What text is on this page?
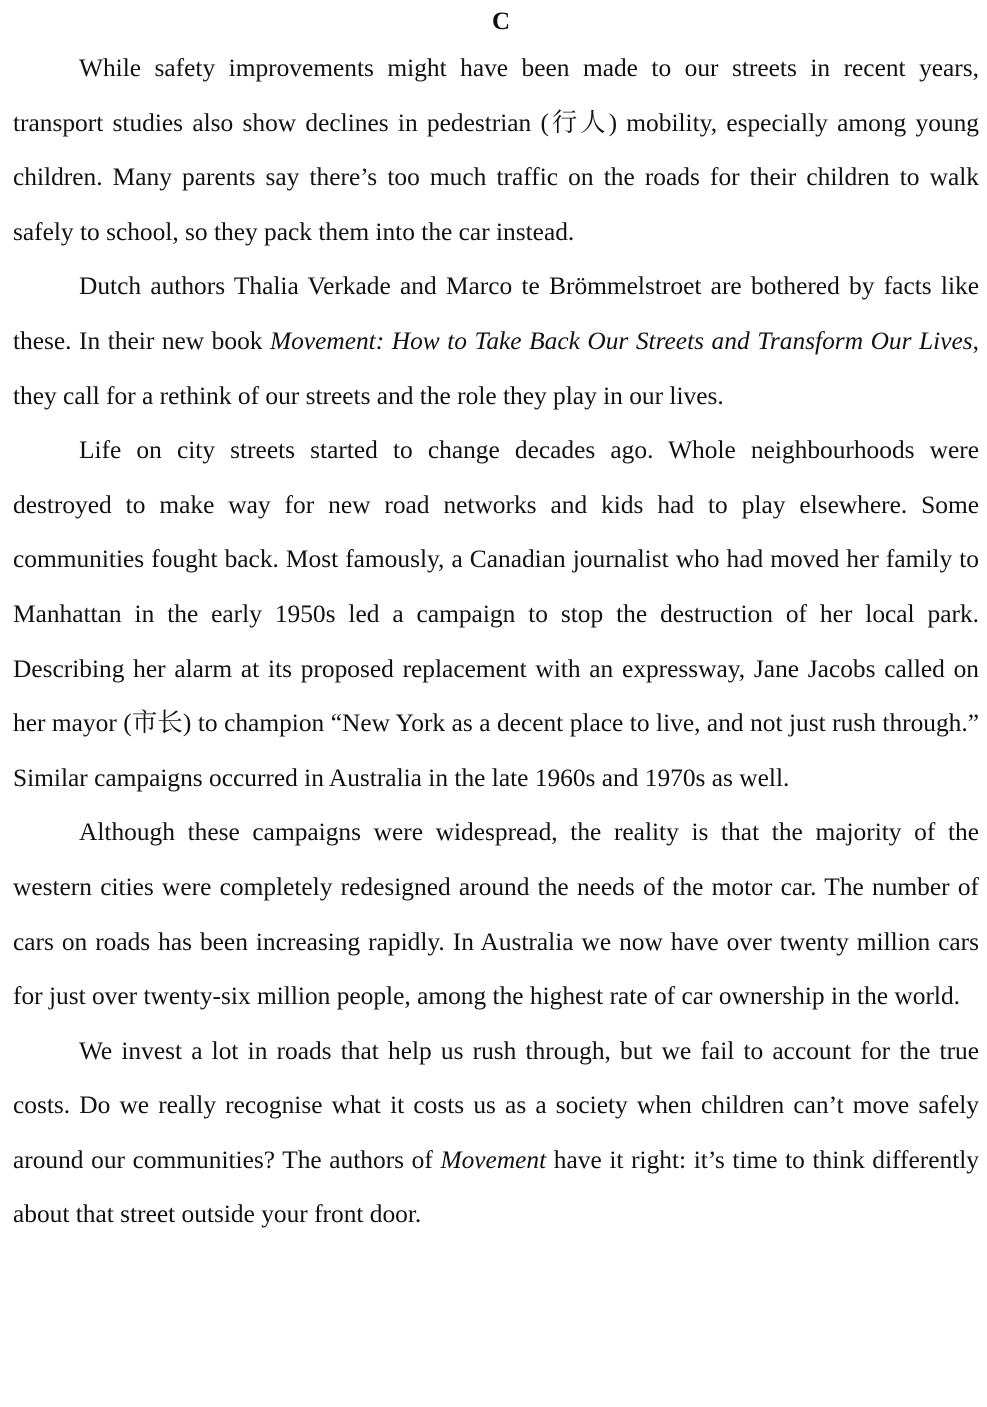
C

While safety improvements might have been made to our streets in recent years, transport studies also show declines in pedestrian (行人) mobility, especially among young children. Many parents say there’s too much traffic on the roads for their children to walk safely to school, so they pack them into the car instead.

Dutch authors Thalia Verkade and Marco te Brömmelstroet are bothered by facts like these. In their new book Movement: How to Take Back Our Streets and Transform Our Lives, they call for a rethink of our streets and the role they play in our lives.

Life on city streets started to change decades ago. Whole neighbourhoods were destroyed to make way for new road networks and kids had to play elsewhere. Some communities fought back. Most famously, a Canadian journalist who had moved her family to Manhattan in the early 1950s led a campaign to stop the destruction of her local park. Describing her alarm at its proposed replacement with an expressway, Jane Jacobs called on her mayor (市长) to champion “New York as a decent place to live, and not just rush through.” Similar campaigns occurred in Australia in the late 1960s and 1970s as well.

Although these campaigns were widespread, the reality is that the majority of the western cities were completely redesigned around the needs of the motor car. The number of cars on roads has been increasing rapidly. In Australia we now have over twenty million cars for just over twenty-six million people, among the highest rate of car ownership in the world.

We invest a lot in roads that help us rush through, but we fail to account for the true costs. Do we really recognise what it costs us as a society when children can’t move safely around our communities? The authors of Movement have it right: it’s time to think differently about that street outside your front door.
